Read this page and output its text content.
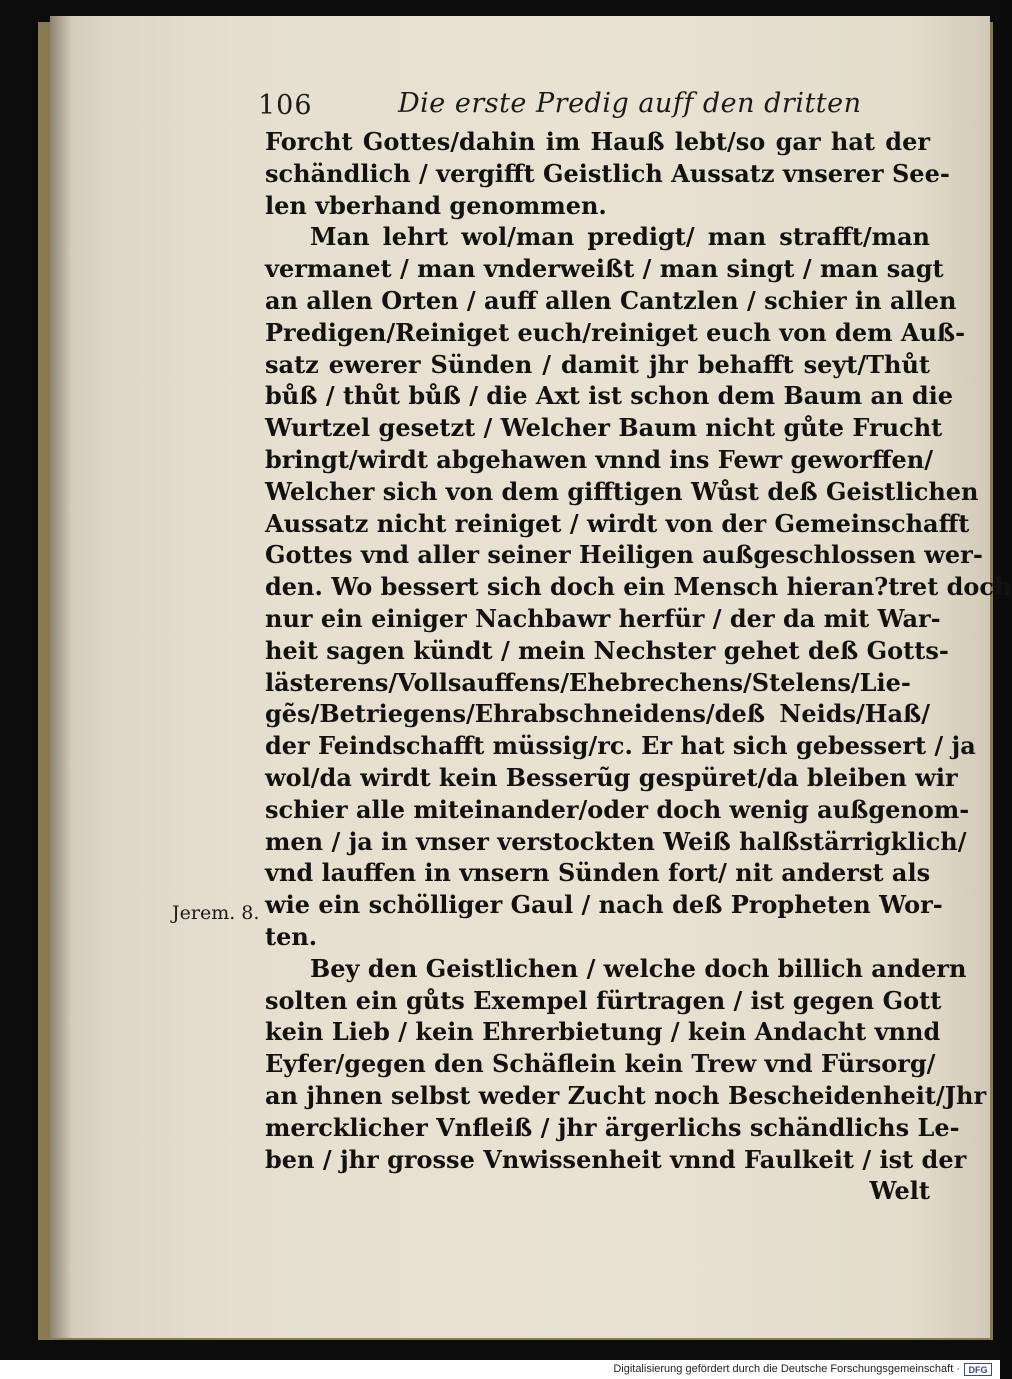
106	Die erste Predig auff den dritten
Jerem. 8.
Forcht Gottes/dahin im Hauß lebt/so gar hat der
schändlich / vergifft Geistlich Aussatz vnserer See-
len vberhand genommen.
Man lehrt wol/man predigt/ man strafft/man
vermanet / man vnderweißt / man singt / man sagt
an allen Orten / auff allen Cantzlen / schier in allen
Predigen/Reiniget euch/reiniget euch von dem Auß-
satz ewerer Sünden / damit jhr behafft seyt/Thůt
bůß / thůt bůß / die Axt ist schon dem Baum an die
Wurtzel gesetzt / Welcher Baum nicht gůte Frucht
bringt/wirdt abgehawen vnnd ins Fewr geworffen/
Welcher sich von dem gifftigen Wůst deß Geistlichen
Aussatz nicht reiniget / wirdt von der Gemeinschafft
Gottes vnd aller seiner Heiligen außgeschlossen wer-
den. Wo bessert sich doch ein Mensch hieran?tret doch
nur ein einiger Nachbawr herfür / der da mit War-
heit sagen kündt / mein Nechster gehet deß Gotts-
lästerens/Vollsauffens/Ehebrechens/Stelens/Lie-
gẽs/Betriegens/Ehrabschneidens/deß Neids/Haß/
der Feindschafft müssig/rc. Er hat sich gebessert / ja
wol/da wirdt kein Besserũg gespüret/da bleiben wir
schier alle miteinander/oder doch wenig außgenom-
men / ja in vnser verstockten Weiß halßstärrigklich/
vnd lauffen in vnsern Sünden fort/ nit anderst als
wie ein schölliger Gaul / nach deß Propheten Wor-
ten.
Bey den Geistlichen / welche doch billich andern
solten ein gůts Exempel fürtragen / ist gegen Gott
kein Lieb / kein Ehrerbietung / kein Andacht vnnd
Eyfer/gegen den Schäflein kein Trew vnd Fürsorg/
an jhnen selbst weder Zucht noch Bescheidenheit/Jhr
mercklicher Vnfleiß / jhr ärgerlichs schändlichs Le-
ben / jhr grosse Vnwissenheit vnnd Faulkeit / ist der
Welt
Digitalisierung gefördert durch die Deutsche Forschungsgemeinschaft · DFG
